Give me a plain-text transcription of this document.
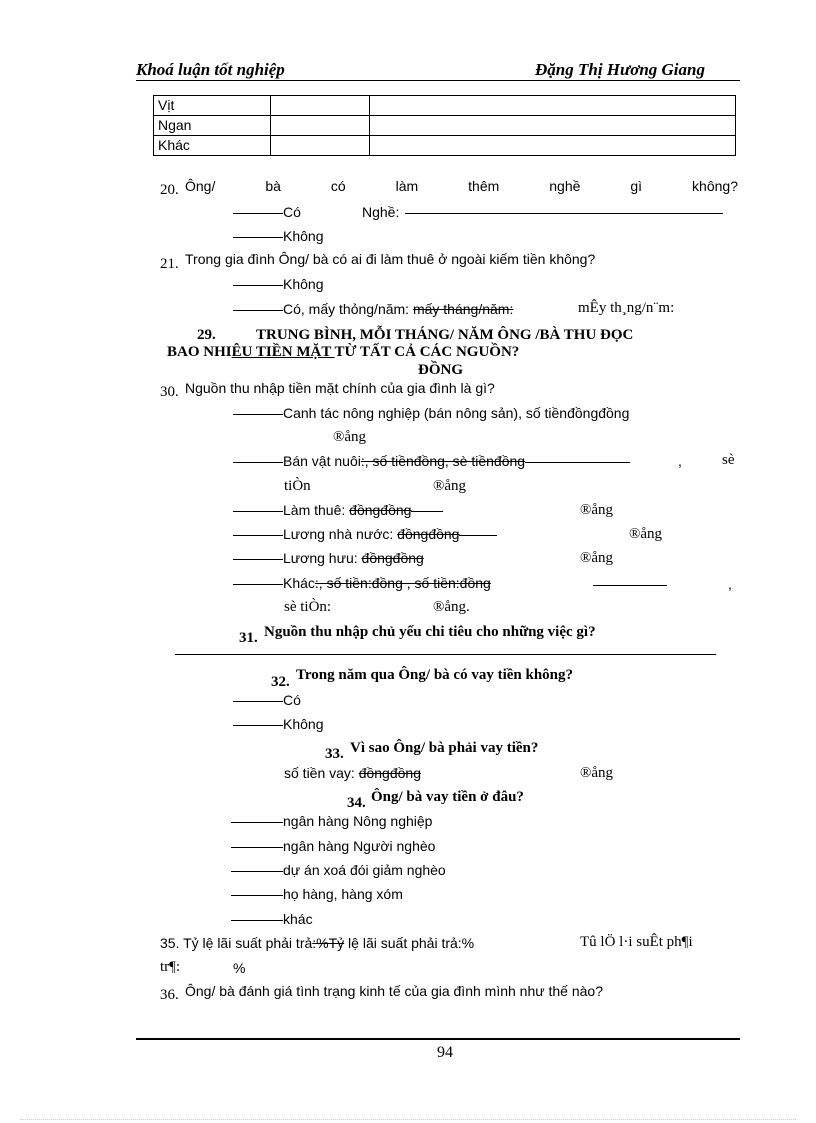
Khoá luận tốt nghiệp	Đặng Thị Hương Giang
Vịt		
Ngan		
Khác		
20. Ông/	bà	có	làm	thêm	nghề	gì	không?
Có	Nghề:
Không
21. Trong gia đình Ông/ bà có ai đi làm thuê ở ngoài kiếm tiền không?
Không
Có, mấy thỏng/năm: mấy tháng/năm:	mÊy th¸ng/n¨m:
29.	TRUNG BÌNH, MỖI THÁNG/ NĂM ÔNG /BÀ THU ĐỌC
BAO NHIÊU TIỀN MẶT TỪ TẤT CẢ CÁC NGUỒN?
ĐỒNG
30. Nguồn thu nhập tiền mặt chính của gia đình là gì?
Canh tác nông nghiệp (bán nông sản), số tiềnđồngđồng
®ång
Bán vật nuôi:, số tiềnđồng, sè tiềnđồng	,	sè
tiÒn	®ång
Làm thuê: đồngđồng	®ång
Lương nhà nước: đồngđồng	®ång
Lương hưu: đồngđồng	®ång
Khác:, số tiền:đồng , số tiền:đồng	,
sè tiÒn:	®ång.
31. Nguồn thu nhập chủ yếu chi tiêu cho những việc gì?
32. Trong năm qua Ông/ bà có vay tiền không?
Có
Không
33. Vì sao Ông/ bà phải vay tiền?
số tiền vay: đồngđồng	®ång
34. Ông/ bà vay tiền ở đâu?
ngân hàng Nông nghiệp
ngân hàng Người nghèo
dự án xoá đói giảm nghèo
họ hàng, hàng xóm
khác
35. Tỷ lệ lãi suất phải trả:%Tỷ lệ lãi suất phải trả:%	Tû lÖ l·i suÊt ph¶i
tr¶:	%
36. Ông/ bà đánh giá tình trạng kinh tế của gia đình mình như thế nào?
94
